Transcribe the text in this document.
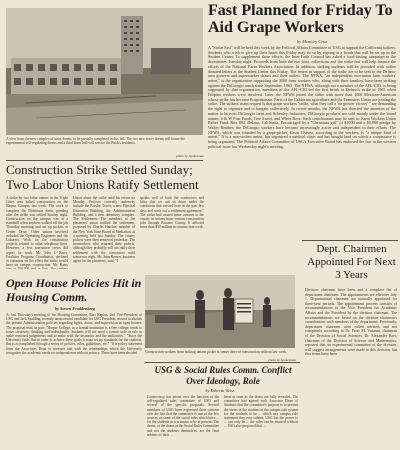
A view from the new complex of units dorms, to be partially completed in this fall. The two new tower dorms will house the experimental self-regulating dorms and a third dorm hall will service the Buck's residents.
photo by Spokesman
Fast Planned for Friday To Aid Grape Workers
by Memory Cruz
A "Strike Fast" will be held this week by the Political Affairs Committee of USG to support the California strikers. Students who wish to give up their lunch this Friday may do so by signing at a booth that will be set up in the Student Center. To supplement these efforts, the Inter-Faith Council has asked a food-fasting campaign in the dormitories Tuesday night. Proceeds from both the two fasts, collections and the strike-fast will help finance the efforts of the National Farm Workers Association. In addition, striking students will be provided with coffee donated letters at the Student Center this Friday. The letters in support of the strike are to be sent to the Delano-area growers and supermarket chains and their outlets. The NFWA, "an independent, non-union farm workers' union," is the organization supporting the 3000 farm workers who, along with their families, have been striking against the DiGiorgio ranch since September, 1965. The NFWA, although not a member of the AFL-CIO, is being supported by that organization, members of the AFL-CIO led the first break in Delano's strike in 1965 when Filipino workers were involved. Later, the NFWA joined the strike with more than 1000 Mexican-American whose strike has become Proportionate. Parts of the California agriculture and the Teamsters Union are joining the strike. The strikers' main request is that grape workers "strike, what they call a 'no grower victory' " are demanding the right to organize and to bargain collectively. In recent months, the NFWA has directed the attention of the nation to boycott DiGiorgio farm and Schenley Industries. DiGiorgio products are sold mainly under the brand names, S & W Fine Foods, Tree Sweet, and White Rose. Such contributions may be sent to: Farm Workers Union Relief Fund, Box 894, Delano, California. Encouraged by a "Christmas gift" of $1000 and a $5,000 pledge by Walter Reuther, the DiGiorgio workers have become increasingly active and independent in their efforts. The NFWA, which was founded by a grape-picker, Cesar Chavez, according to the workers, is "a unique kind of union." It is a non-violent union, has organized a medical clinic and has bought land on which a cooperative is being organized. The Political Affairs Committee of USG's Executive Board has endorsed the fast in the western political issue last Wednesday night's meeting.
Construction Strike Settled Sunday; Two Labor Unions Ratify Settlement
A strike by two labor unions in the Triple Cities area halted construction on the Harpur Campus last week. The work to complete the Dickinson dorm, pending after the strike was settled Sunday night. Construction on the campus was at a standstill when workers walked off the job Thursday morning and set up pickets at Center Drive. Other unions involved included the Operating Engineers and the Laborers. Work on the construction projects related to other telephone lines. However, a few non-union crews did report for work. Mr. John J. Barry, Facilities Program Coordinator, declined to comment on the effect the strike would have on campus construction. Mr. Barry
Union about the strike until his return on Monday. Projects currently underway include the Faculty Tower, a new Physical Education Building, the Administration Building, and a new dormitory complex. The Settlement: The members of the plasterers' union ratified the settlement, proposed by Charles Hatcher, member of the New York State Board of Mediation, at a meeting held last Sunday. The county pickets were then removed yesterday. The ironworkers who returned their pickets, although they probably will not ratify their settlement with the contractors until tomorrow night. Mr. John Beaver, business agent for the plasterers, said, "I
speaks well of both the contractors and labor that we can sit down under the conditions that existed here in the past few days and work out a settlement agreement." The strike had caused some concern to the county as unions from various construction jobs through Broome County. It affected more than $30 million in construction work.
Construction workers from striking unions picket at center drive in construction without last week.
photo by Spokesman
Dept. Chairmen Appointed For Next 3 Years
Division chairmen have been and a complete list of department chairmen. The appointments are effective July 1. Departmental chairmen are normally appointed for three-year periods. The appointment process consists of recommendations to the Vice President for Academic Affairs and the President by the division chairman. The recommendations are based on the division chairman's consultations with members of the department. Previously, department chairmen were called advisers and not completely according to Dr. Peter M. Vukasin, chairman of the Division of Social Sciences. Dr. Alexander Baer, chairman of the Division of Science and Mathematics, reported that an experimental committee of the division, will suggest arrangements were made to this division, but that terms have been
Open House Policies Hit in Housing Comm.
by Steven Fraddenberg
At last Thursday's meeting of the Housing Committee, Bert Kaplan, 2nd Vice-President of USG and Jack Spalding, recently unsuccessful candidate for USG President, moved to abolish the present Administration policies regarding lights, doors, and supervision at open houses. The proposal read, in part: "Harpur College, as a formal institution is a free college, tends to foster creativity, thinking and individuality. Students will not need a formal code or rule to make reasoned judgements and to make with the instructor and the authorities." "Since the University finds that in order to achieve these goals it must set up standards for the students, this is accomplished through a series of policies, rules, guidelines, etc." "It is policy statement from the Associates Dean to measure and with the relationships which the University recognizes the academic needs for independence without privacy. These have been decided
USG & Social Rules Comm. Conflict Over Ideology, Role
by Roberta Weiss
Controversy has arisen over the function of the self-regulated rules committee of USG and several of the specific proposals. Several members of USG have expressed their concern over the fact that the committee is one of the few sources on some of the social rules which have ... for the students as it is meant to be at present. The deans, or the deans at the Social Rules Committee and not the students themselves, are the final arbiters of their ...
been as soon as the deans are fully revealed. The committee had agreed with Associate Dean of Students that the committee's purpose is to present the views of the students in the campus rule system for the students to be ... which any campus rule statement they may submit, USG has the power to ... can only be ... the rules can be enacted without ... USG also proposed that ...
